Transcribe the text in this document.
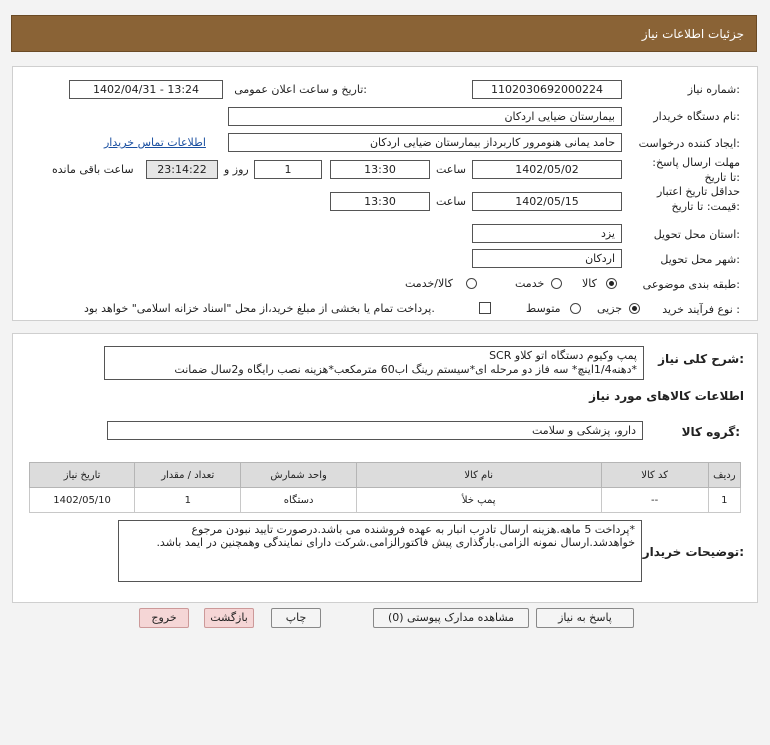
جزئیات اطلاعات نیاز
شماره نیاز:
1102030692000224
تاریخ و ساعت اعلان عمومی:
1402/04/31 - 13:24
نام دستگاه خریدار:
بیمارستان ضیایی اردکان
ایجاد کننده درخواست:
حامد یمانی هنومرور کاربرداز بیمارستان ضیایی اردکان
اطلاعات تماس خریدار
مهلت ارسال پاسخ: تا تاریخ:
1402/05/02
ساعت
13:30
1
روز و
23:14:22
ساعت باقی مانده
حداقل تاریخ اعتبار قیمت: تا تاریخ:
1402/05/15
ساعت
13:30
استان محل تحویل:
یزد
شهر محل تحویل:
اردکان
طبقه بندی موضوعی:
کالا
خدمت
کالا/خدمت
نوع فرآیند خرید :
جزیی
متوسط
پرداخت تمام یا بخشی از مبلغ خرید،از محل "اسناد خزانه اسلامی" خواهد بود.
شرح کلی نیاز:
پمپ وکیوم دستگاه اتو کلاو SCR
*دهنه1/4اینچ* سه فاز دو مرحله ای*سیستم رینگ اب60 مترمکعب*هزینه نصب رایگاه و2سال ضمانت
اطلاعات کالاهای مورد نیاز
گروه کالا:
دارو، پزشکی و سلامت
ردیف	کد کالا	نام کالا	واحد شمارش	تعداد / مقدار	تاریخ نیاز
1	--	پمپ خلأ	دستگاه	1	1402/05/10
توضیحات خریدار:
*پرداخت 5 ماهه.هزینه ارسال تادرب انبار به عهده فروشنده می باشد.درصورت تایید نبودن مرجوع خواهدشد.ارسال نمونه الزامی.بارگذاری پیش فاکتورالزامی.شرکت دارای نمایندگی وهمچنین در ایمد باشد.
پاسخ به نیاز
مشاهده مدارک پیوستی (0)
چاپ
بازگشت
خروج
